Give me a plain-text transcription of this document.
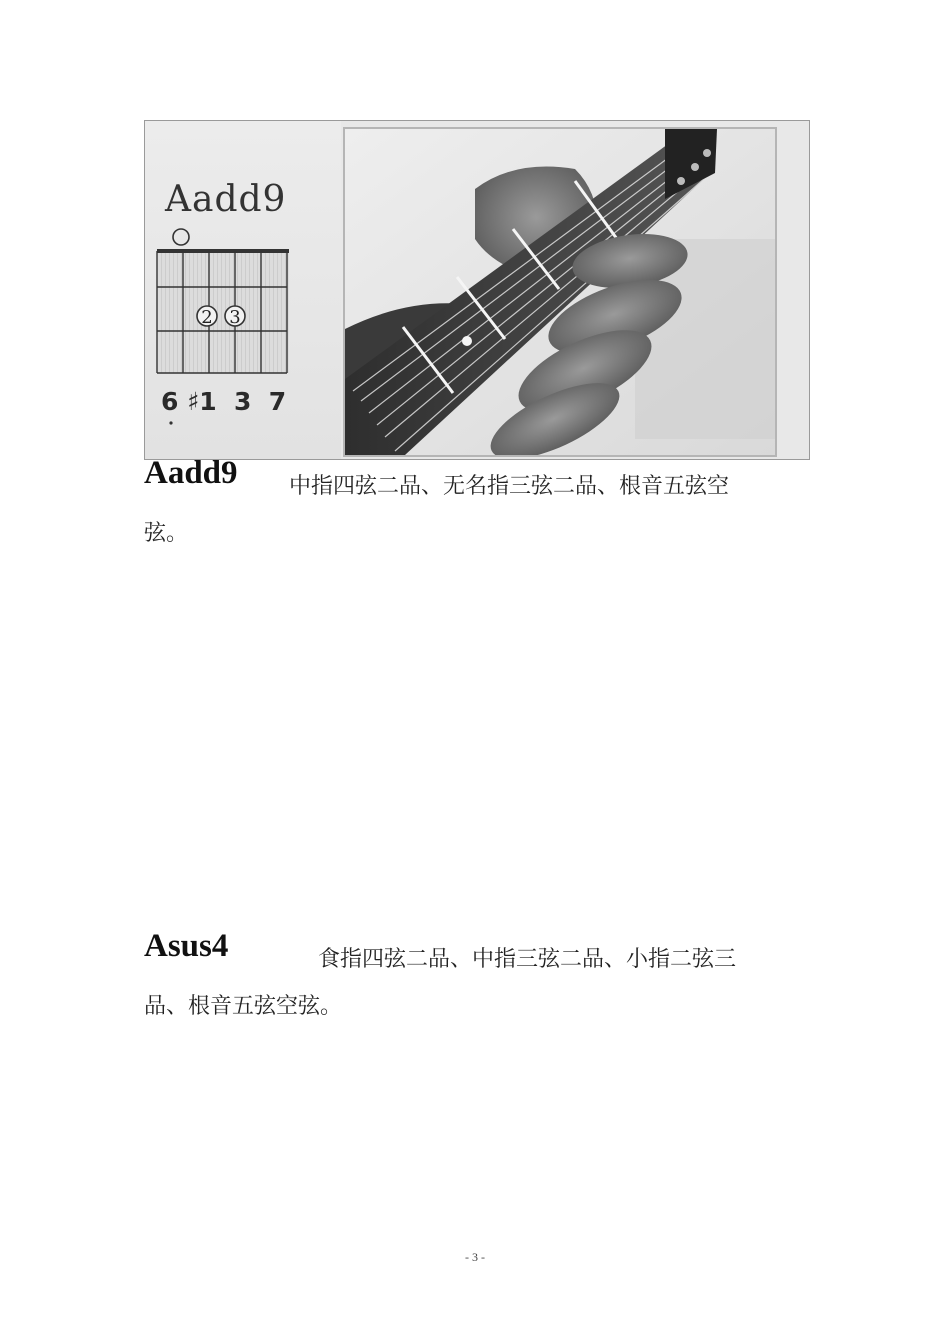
Aadd9
2 3
6 ♯1  3  7
Aadd9 中指四弦二品、无名指三弦二品、根音五弦空
弦。
Asus4	食指四弦二品、中指三弦二品、小指二弦三
品、根音五弦空弦。
- 3 -
